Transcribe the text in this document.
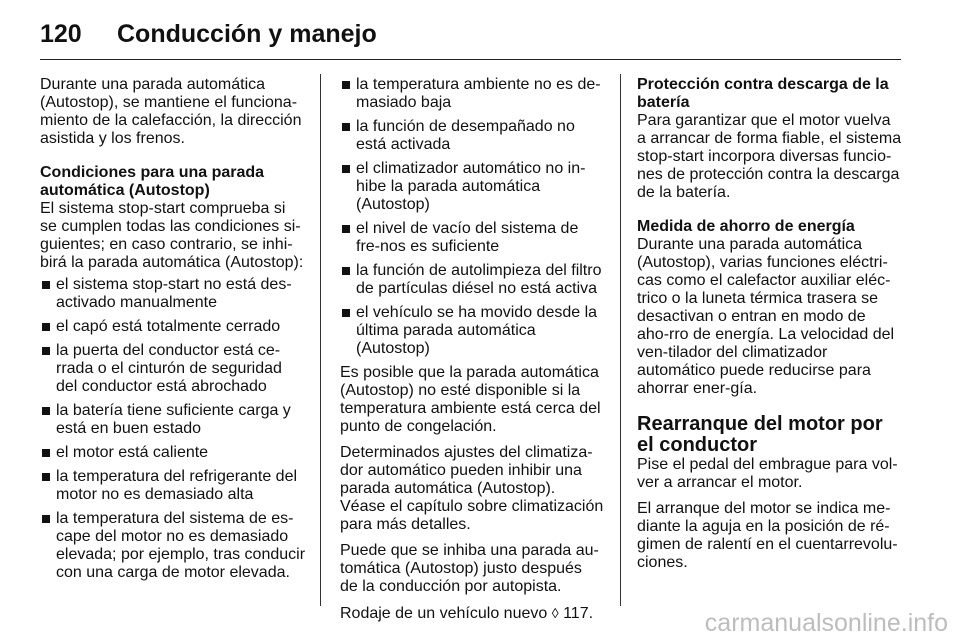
120	Conducción y manejo

Durante una parada automática (Autostop), se mantiene el funciona-miento de la calefacción, la dirección asistida y los frenos.

Condiciones para una parada automática (Autostop)

El sistema stop-start comprueba si se cumplen todas las condiciones si-guientes; en caso contrario, se inhi-birá la parada automática (Autostop):

el sistema stop-start no está des-activado manualmente
el capó está totalmente cerrado
la puerta del conductor está ce-rrada o el cinturón de seguridad del conductor está abrochado
la batería tiene suficiente carga y está en buen estado
el motor está caliente
la temperatura del refrigerante del motor no es demasiado alta
la temperatura del sistema de es-cape del motor no es demasiado elevada; por ejemplo, tras conducir con una carga de motor elevada.
la temperatura ambiente no es de-masiado baja
la función de desempañado no está activada
el climatizador automático no in-hibe la parada automática (Autostop)
el nivel de vacío del sistema de fre-nos es suficiente
la función de autolimpieza del filtro de partículas diésel no está activa
el vehículo se ha movido desde la última parada automática (Autostop)

Es posible que la parada automática (Autostop) no esté disponible si la temperatura ambiente está cerca del punto de congelación.

Determinados ajustes del climatiza-dor automático pueden inhibir una parada automática (Autostop). Véase el capítulo sobre climatización para más detalles.

Puede que se inhiba una parada au-tomática (Autostop) justo después de la conducción por autopista.

Rodaje de un vehículo nuevo ◊ 117.

Protección contra descarga de la batería

Para garantizar que el motor vuelva a arrancar de forma fiable, el sistema stop-start incorpora diversas funcio-nes de protección contra la descarga de la batería.

Medida de ahorro de energía

Durante una parada automática (Autostop), varias funciones eléctri-cas como el calefactor auxiliar eléc-trico o la luneta térmica trasera se desactivan o entran en modo de aho-rro de energía. La velocidad del ven-tilador del climatizador automático puede reducirse para ahorrar ener-gía.

Rearranque del motor por el conductor

Pise el pedal del embrague para vol-ver a arrancar el motor.

El arranque del motor se indica me-diante la aguja en la posición de ré-gimen de ralentí en el cuentarrevolu-ciones.

carmanualsonline.info
